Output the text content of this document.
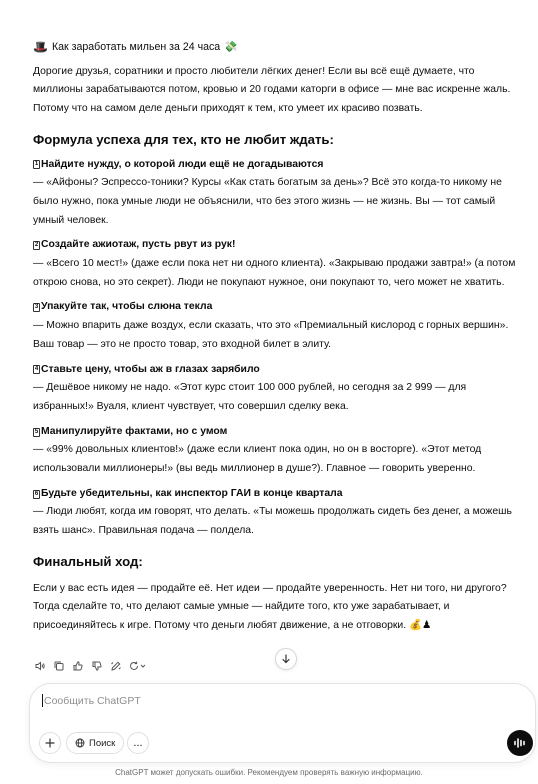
🎩 Как заработать мильен за 24 часа 💸
Дорогие друзья, соратники и просто любители лёгких денег! Если вы всё ещё думаете, что миллионы зарабатываются потом, кровью и 20 годами каторги в офисе — мне вас искренне жаль. Потому что на самом деле деньги приходят к тем, кто умеет их красиво позвать.
Формула успеха для тех, кто не любит ждать:
1 Найдите нужду, о которой люди ещё не догадываются
— «Айфоны? Эспрессо-тоники? Курсы «Как стать богатым за день»? Всё это когда-то никому не было нужно, пока умные люди не объяснили, что без этого жизнь — не жизнь. Вы — тот самый умный человек.
2 Создайте ажиотаж, пусть рвут из рук!
— «Всего 10 мест!» (даже если пока нет ни одного клиента). «Закрываю продажи завтра!» (а потом открою снова, но это секрет). Люди не покупают нужное, они покупают то, чего может не хватить.
3 Упакуйте так, чтобы слюна текла
— Можно впарить даже воздух, если сказать, что это «Премиальный кислород с горных вершин». Ваш товар — это не просто товар, это входной билет в элиту.
4 Ставьте цену, чтобы аж в глазах зарябило
— Дешёвое никому не надо. «Этот курс стоит 100 000 рублей, но сегодня за 2 999 — для избранных!» Вуаля, клиент чувствует, что совершил сделку века.
5 Манипулируйте фактами, но с умом
— «99% довольных клиентов!» (даже если клиент пока один, но он в восторге). «Этот метод использовали миллионеры!» (вы ведь миллионер в душе?). Главное — говорить уверенно.
6 Будьте убедительны, как инспектор ГАИ в конце квартала
— Люди любят, когда им говорят, что делать. «Ты можешь продолжать сидеть без денег, а можешь взять шанс». Правильная подача — полдела.
Финальный ход:
Если у вас есть идея — продайте её. Нет идеи — продайте уверенность. Нет ни того, ни другого? Тогда сделайте то, что делают самые умные — найдите того, кто уже зарабатывает, и присоединяйтесь к игре. Потому что деньги любят движение, а не отговорки. 💰♟
Сообщить ChatGPT
Поиск ...
ChatGPT может допускать ошибки. Рекомендуем проверять важную информацию.
